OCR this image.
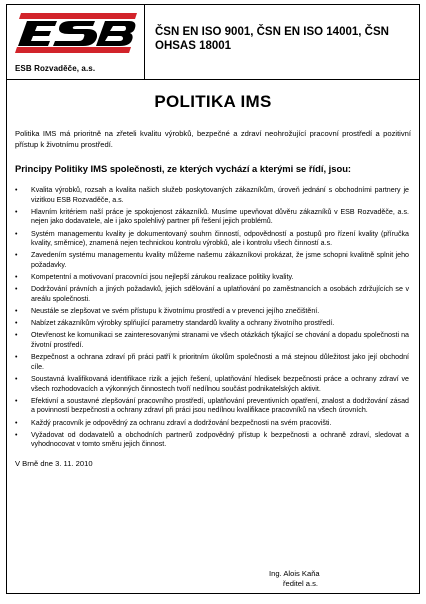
ESB Rozvaděče, a.s.
ČSN EN ISO 9001, ČSN EN ISO 14001, ČSN OHSAS 18001
POLITIKA IMS
Politika IMS má prioritně na zřeteli kvalitu výrobků, bezpečné a zdraví neohrožující pracovní prostředí a pozitivní přístup k životnímu prostředí.
Principy Politiky IMS společnosti, ze kterých vychází a kterými se řídí, jsou:
• Kvalita výrobků, rozsah a kvalita našich služeb poskytovaných zákazníkům, úroveň jednání s obchodními partnery je vizitkou ESB Rozvaděče, a.s.
• Hlavním kritériem naší práce je spokojenost zákazníků. Musíme upevňovat důvěru zákazníků v ESB Rozvaděče, a.s. nejen jako dodavatele, ale i jako spolehlivý partner při řešení jejich problémů.
• Systém managementu kvality je dokumentovaný souhrn činností, odpovědností a postupů pro řízení kvality (příručka kvality, směrnice), znamená nejen technickou kontrolu výrobků, ale i kontrolu všech činností a.s.
• Zavedením systému managementu kvality můžeme našemu zákazníkovi prokázat, že jsme schopni kvalitně splnit jeho požadavky.
• Kompetentní a motivovaní pracovníci jsou nejlepší zárukou realizace politiky kvality.
• Dodržování právních a jiných požadavků, jejich sdělování a uplatňování po zaměstnancích a osobách zdržujících se v areálu společnosti.
• Neustále se zlepšovat ve svém přístupu k životnímu prostředí a v prevenci jejího znečištění.
• Nabízet zákazníkům výrobky splňující parametry standardů kvality a ochrany životního prostředí.
• Otevřenost ke komunikaci se zainteresovanými stranami ve všech otázkách týkající se chování a dopadu společnosti na životní prostředí.
• Bezpečnost a ochrana zdraví při práci patří k prioritním úkolům společnosti a má stejnou důležitost jako její obchodní cíle.
• Soustavná kvalifikovaná identifikace rizik a jejich řešení, uplatňování hledisek bezpečnosti práce a ochrany zdraví ve všech rozhodovacích a výkonných činnostech tvoří nedílnou součást podnikatelských aktivit.
• Efektivní a soustavné zlepšování pracovního prostředí, uplatňování preventivních opatření, znalost a dodržování zásad a povinností bezpečnosti a ochrany zdraví při práci jsou nedílnou kvalifikace pracovníků na všech úrovních.
• Každý pracovník je odpovědný za ochranu zdraví a dodržování bezpečnosti na svém pracovišti.
• Vyžadovat od dodavatelů a obchodních partnerů zodpovědný přístup k bezpečnosti a ochraně zdraví, sledovat a vyhodnocovat v tomto směru jejich činnost.
V Brně dne 3. 11. 2010
Ing. Alois Kaňa
ředitel a.s.
